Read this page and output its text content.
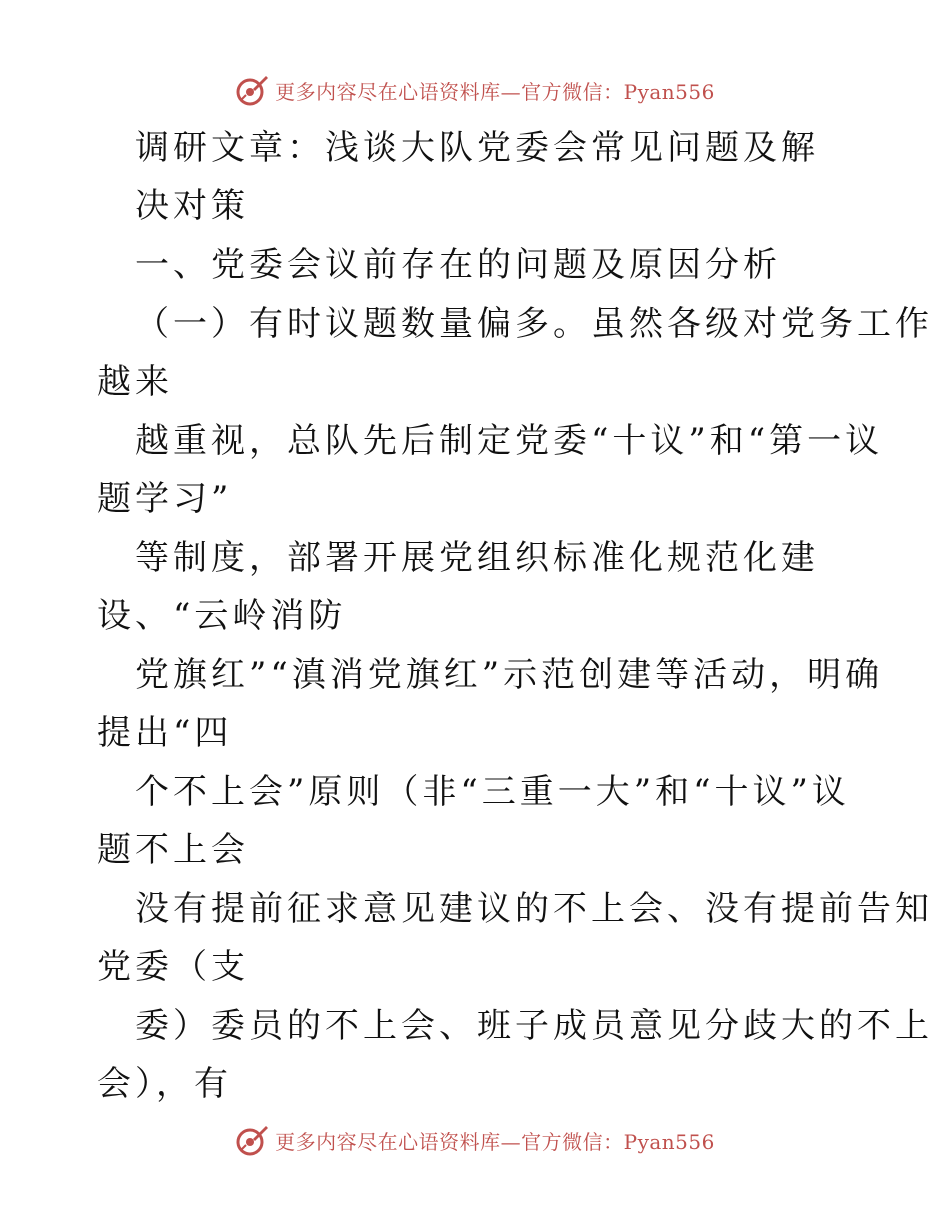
更多内容尽在心语资料库—官方微信：Pyan556
调研文章：浅谈大队党委会常见问题及解
决对策
一、党委会议前存在的问题及原因分析
（一）有时议题数量偏多。虽然各级对党务工作
越来
越重视，总队先后制定党委“十议”和“第一议
题学习”
等制度，部署开展党组织标准化规范化建
设、“云岭消防
党旗红”“滇消党旗红”示范创建等活动，明确
提出“四
个不上会”原则（非“三重一大”和“十议”议
题不上会
没有提前征求意见建议的不上会、没有提前告知
党委（支
委）委员的不上会、班子成员意见分歧大的不上
会），有
更多内容尽在心语资料库—官方微信：Pyan556
